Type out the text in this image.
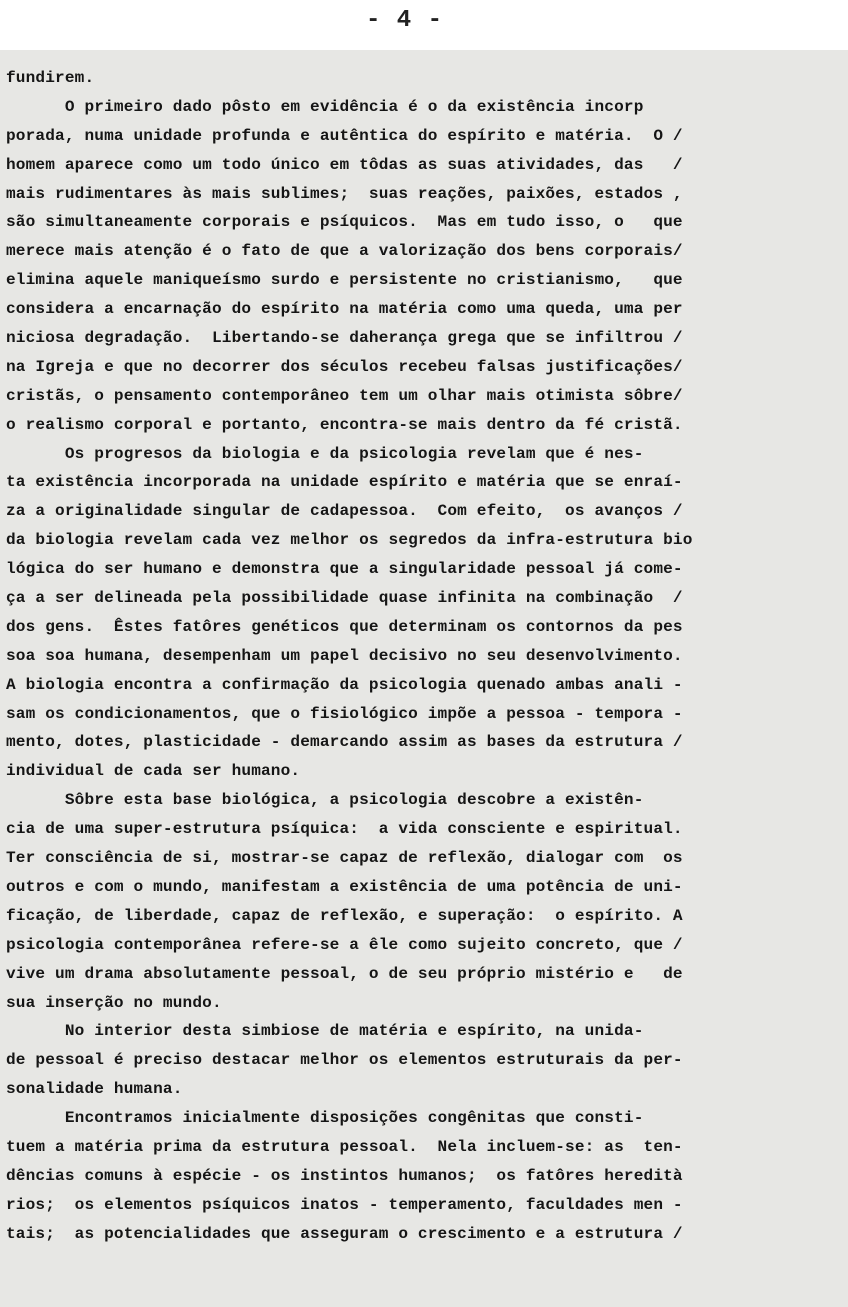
- 4 -
fundirem.
O primeiro dado pôsto em evidência é o da existência incorp
porada, numa unidade profunda e autêntica do espírito e matéria.  O /
homem aparece como um todo único em tôdas as suas atividades, das   /
mais rudimentares às mais sublimes;  suas reações, paixões, estados ,
são simultaneamente corporais e psíquicos.  Mas em tudo isso, o   que
merece mais atenção é o fato de que a valorização dos bens corporais/
elimina aquele maniqueísmo surdo e persistente no cristianismo,   que
considera a encarnação do espírito na matéria como uma queda, uma per
niciosa degradação.  Libertando-se daherança grega que se infiltrou /
na Igreja e que no decorrer dos séculos recebeu falsas justificações/
cristãs, o pensamento contemporâneo tem um olhar mais otimista sôbre/
o realismo corporal e portanto, encontra-se mais dentro da fé cristã.
Os progresos da biologia e da psicologia revelam que é nes-
ta existência incorporada na unidade espírito e matéria que se enraí-
za a originalidade singular de cadapessoa.  Com efeito,  os avanços /
da biologia revelam cada vez melhor os segredos da infra-estrutura bio
lógica do ser humano e demonstra que a singularidade pessoal já come-
ça a ser delineada pela possibilidade quase infinita na combinação  /
dos gens.  Êstes fatôres genéticos que determinam os contornos da pes
soa soa humana, desempenham um papel decisivo no seu desenvolvimento.
A biologia encontra a confirmação da psicologia quenado ambas anali -
sam os condicionamentos, que o fisiológico impõe a pessoa - tempora -
mento, dotes, plasticidade - demarcando assim as bases da estrutura /
individual de cada ser humano.
Sôbre esta base biológica, a psicologia descobre a existên-
cia de uma super-estrutura psíquica:  a vida consciente e espiritual.
Ter consciência de si, mostrar-se capaz de reflexão, dialogar com  os
outros e com o mundo, manifestam a existência de uma potência de uni-
ficação, de liberdade, capaz de reflexão, e superação:  o espírito. A
psicologia contemporânea refere-se a êle como sujeito concreto, que /
vive um drama absolutamente pessoal, o de seu próprio mistério e   de
sua inserção no mundo.
No interior desta simbiose de matéria e espírito, na unida-
de pessoal é preciso destacar melhor os elementos estruturais da per-
sonalidade humana.
Encontramos inicialmente disposições congênitas que consti-
tuem a matéria prima da estrutura pessoal.  Nela incluem-se: as  ten-
dências comuns à espécie - os instintos humanos;  os fatôres heredità
rios;  os elementos psíquicos inatos - temperamento, faculdades men -
tais;  as potencialidades que asseguram o crescimento e a estrutura /
